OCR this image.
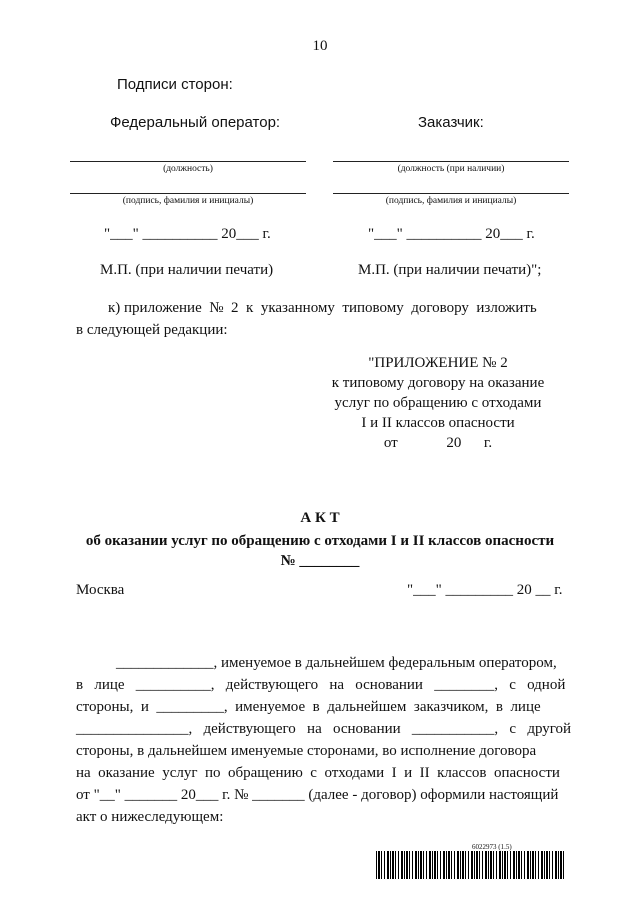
10
Подписи сторон:
Федеральный оператор:	Заказчик:
(должность)
(подпись, фамилия и инициалы)
(должность (при наличии)
(подпись, фамилия и инициалы)
"___" __________ 20___ г.	"___" __________ 20___ г.
М.П. (при наличии печати)	М.П. (при наличии печати)";
к) приложение  №  2  к  указанному  типовому  договору  изложить
в следующей редакции:
"ПРИЛОЖЕНИЕ № 2
к типовому договору на оказание
услуг по обращению с отходами
I и II классов опасности
от             20      г.
А К Т
об оказании услуг по обращению с отходами I и II классов опасности
№ ________
Москва	"___" _________ 20 __ г.
_____________, именуемое в дальнейшем федеральным оператором,
в   лице   __________,   действующего   на   основании   ________,   с   одной
стороны,  и  _________,  именуемое  в  дальнейшем  заказчиком,  в  лице
_______________,   действующего   на   основании   ___________,   с   другой
стороны, в дальнейшем именуемые сторонами, во исполнение договора
на  оказание  услуг  по  обращению  с  отходами  I  и  II  классов  опасности
от "__" _______ 20___ г. № _______ (далее - договор) оформили настоящий
акт о нижеследующем:
6022973 (1.5)
